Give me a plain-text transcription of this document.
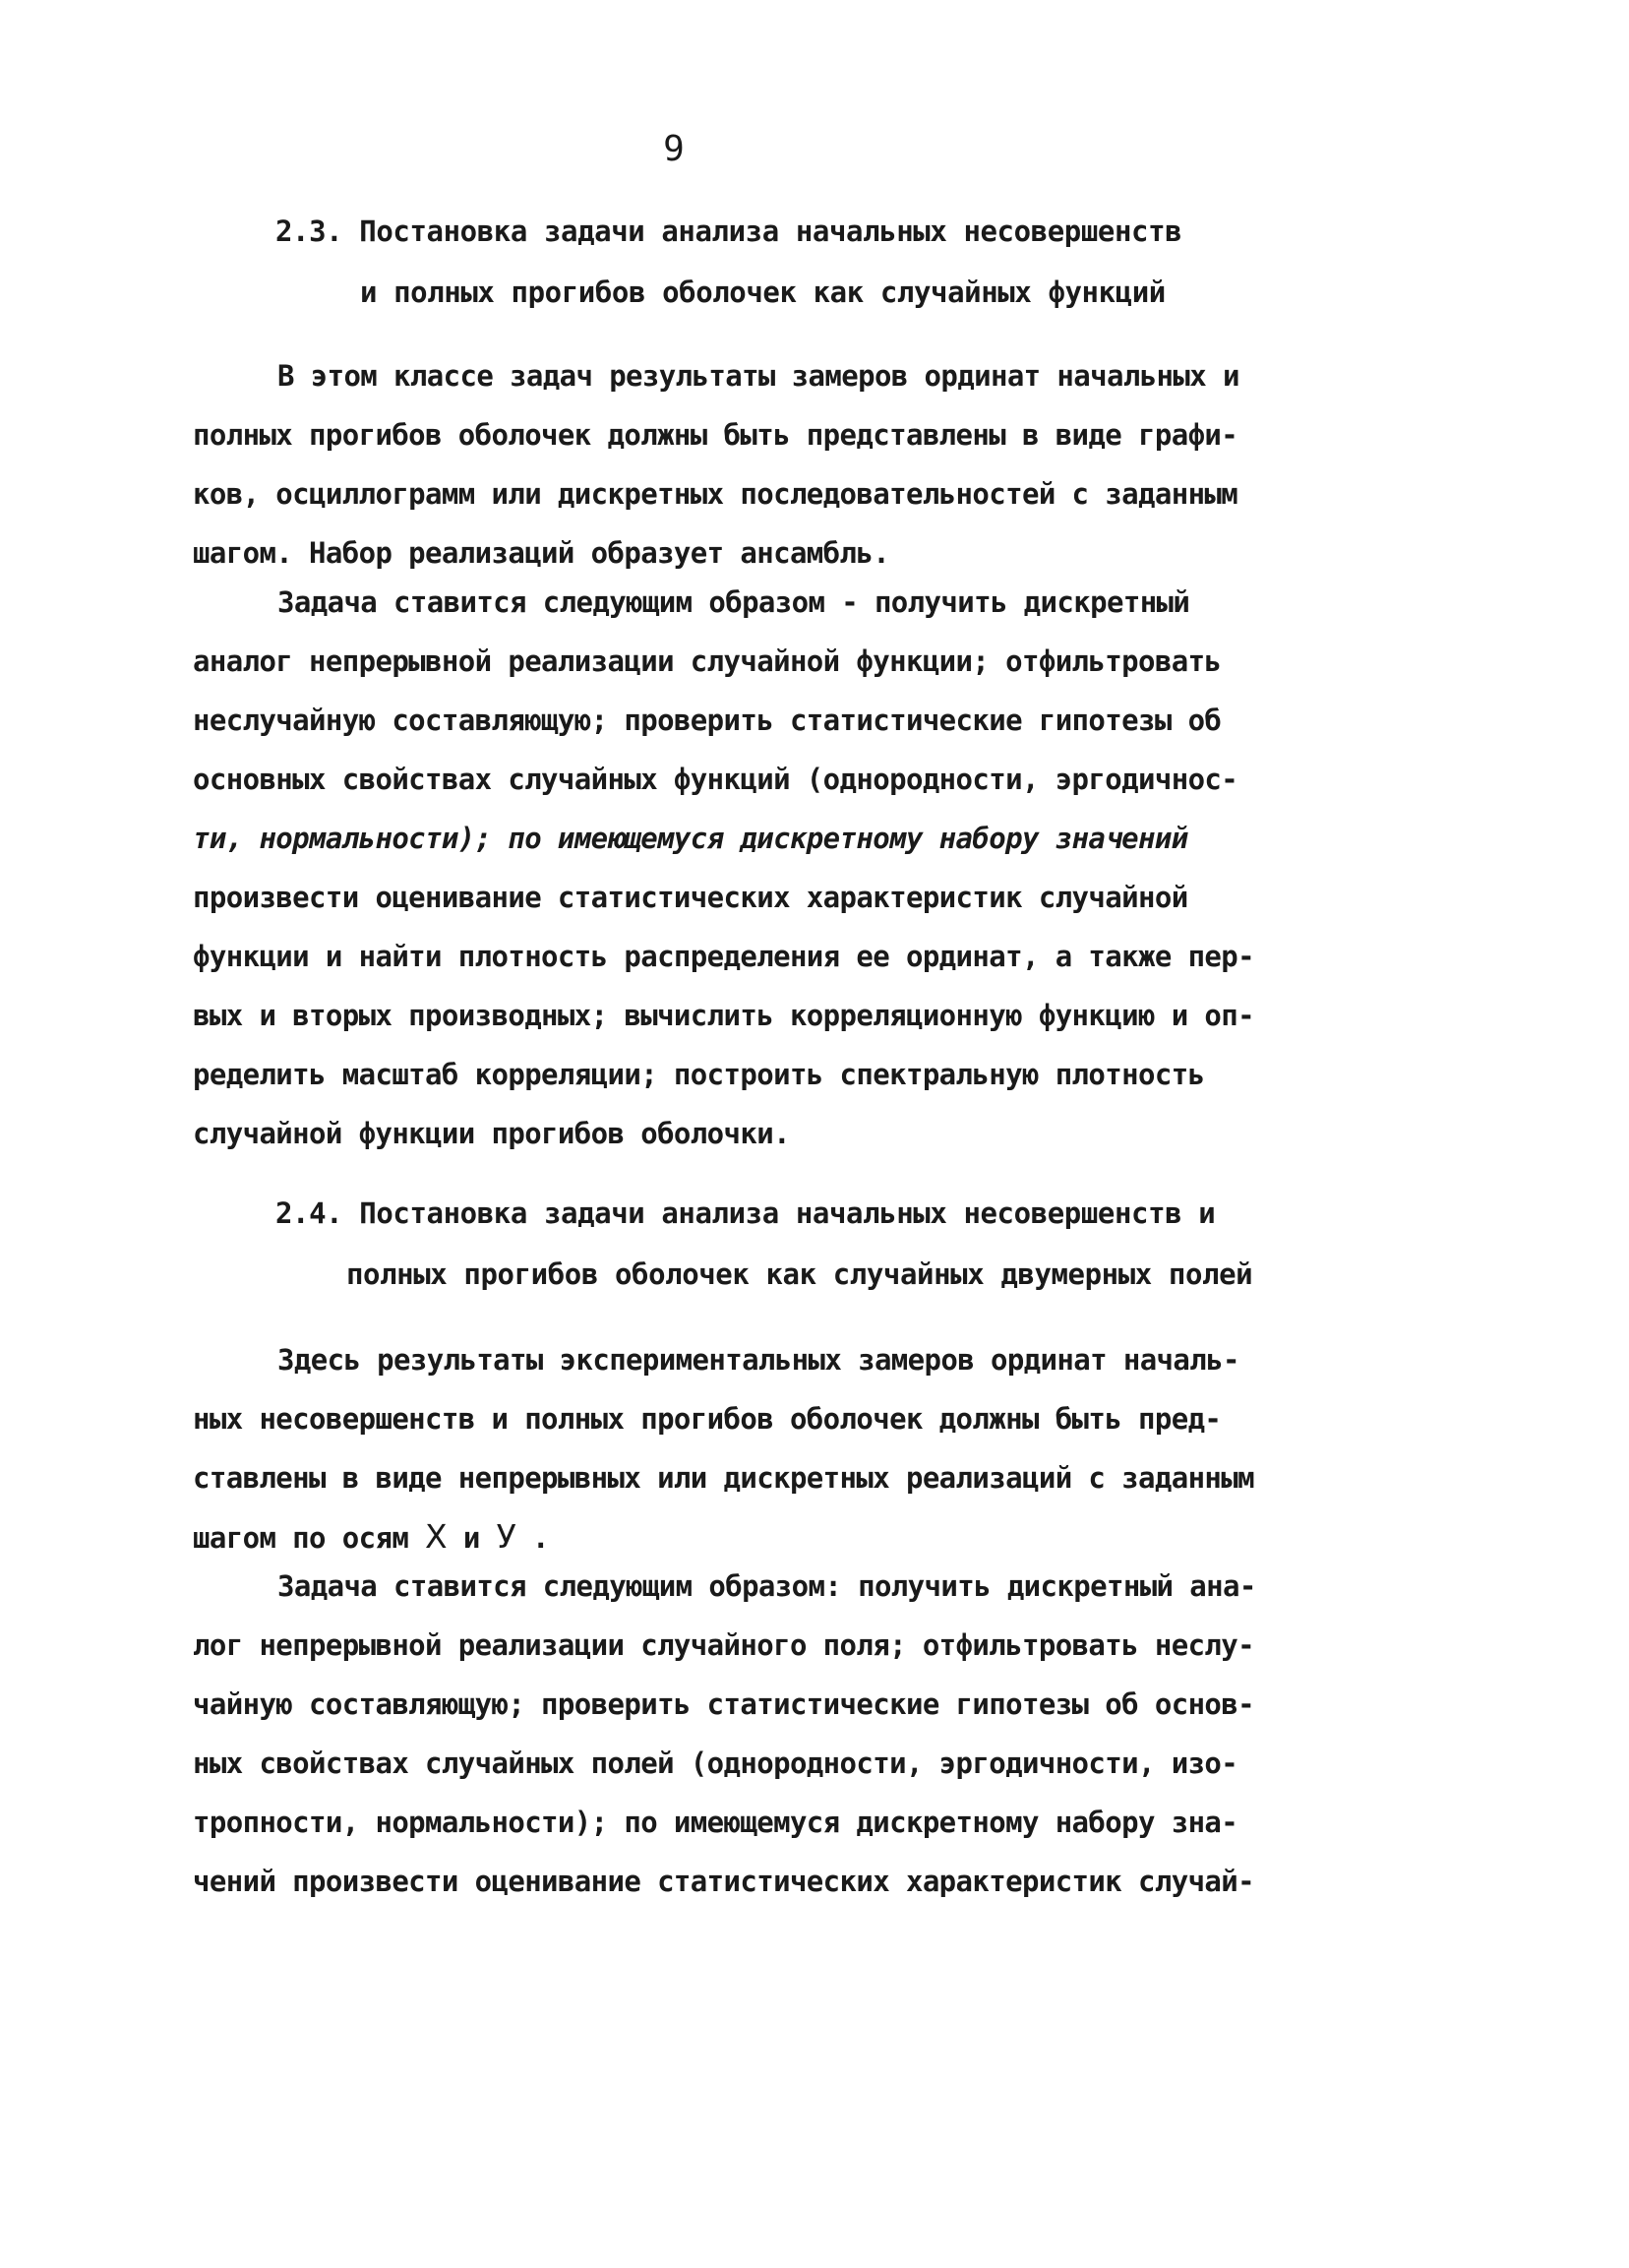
9
2.3. Постановка задачи анализа начальных несовершенств
и полных прогибов оболочек как случайных функций
В этом классе задач результаты замеров ординат начальных и
полных прогибов оболочек должны быть представлены в виде графи-
ков, осциллограмм или дискретных последовательностей с заданным
шагом. Набор реализаций образует ансамбль.
Задача ставится следующим образом - получить дискретный
аналог непрерывной реализации случайной функции; отфильтровать
неслучайную составляющую; проверить статистические гипотезы об
основных свойствах случайных функций (однородности, эргодичнос-
ти, нормальности); по имеющемуся дискретному набору значений
произвести оценивание статистических характеристик случайной
функции и найти плотность распределения ее ординат, а также пер-
вых и вторых производных; вычислить корреляционную функцию и оп-
ределить масштаб корреляции; построить спектральную плотность
случайной функции прогибов оболочки.
2.4. Постановка задачи анализа начальных несовершенств и
полных прогибов оболочек как случайных двумерных полей
Здесь результаты экспериментальных замеров ординат началь-
ных несовершенств и полных прогибов оболочек должны быть пред-
ставлены в виде непрерывных или дискретных реализаций с заданным
шагом по осям X и У .
Задача ставится следующим образом: получить дискретный ана-
лог непрерывной реализации случайного поля; отфильтровать неслу-
чайную составляющую; проверить статистические гипотезы об основ-
ных свойствах случайных полей (однородности, эргодичности, изо-
тропности, нормальности); по имеющемуся дискретному набору зна-
чений произвести оценивание статистических характеристик случай-
